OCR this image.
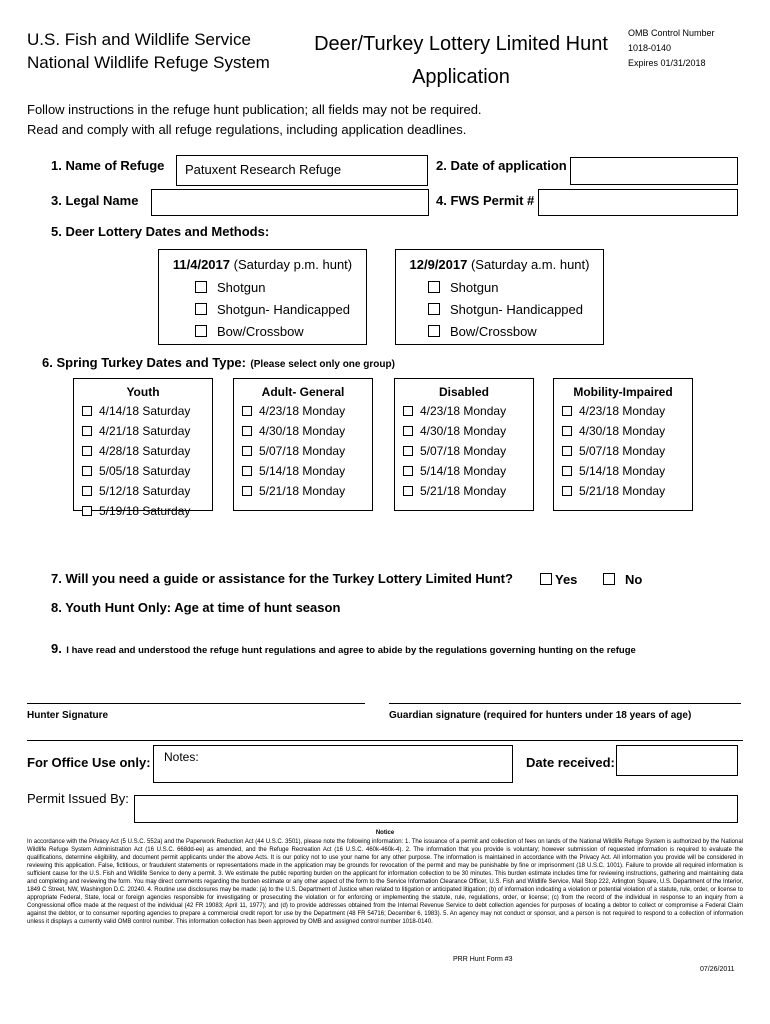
U.S. Fish and Wildlife Service
National Wildlife Refuge System
Deer/Turkey Lottery Limited Hunt
Application
OMB Control Number
1018-0140
Expires 01/31/2018
Follow instructions in the refuge hunt publication; all fields may not be required.
Read and comply with all refuge regulations, including application deadlines.
1. Name of Refuge	Patuxent Research Refuge	2. Date of application
3. Legal Name	4. FWS Permit #
5. Deer Lottery Dates and Methods:
11/4/2017 (Saturday p.m. hunt)
Shotgun
Shotgun- Handicapped
Bow/Crossbow
12/9/2017 (Saturday a.m. hunt)
Shotgun
Shotgun- Handicapped
Bow/Crossbow
6. Spring Turkey Dates and Type: (Please select only one group)
Youth
4/14/18 Saturday
4/21/18 Saturday
4/28/18 Saturday
5/05/18 Saturday
5/12/18 Saturday
5/19/18 Saturday
Adult- General
4/23/18 Monday
4/30/18 Monday
5/07/18 Monday
5/14/18 Monday
5/21/18 Monday
Disabled
4/23/18 Monday
4/30/18 Monday
5/07/18 Monday
5/14/18 Monday
5/21/18 Monday
Mobility-Impaired
4/23/18 Monday
4/30/18 Monday
5/07/18 Monday
5/14/18 Monday
5/21/18 Monday
7. Will you need a guide or assistance for the Turkey Lottery Limited Hunt?	Yes	No
8. Youth Hunt Only: Age at time of hunt season
9. I have read and understood the refuge hunt regulations and agree to abide by the regulations governing hunting on the refuge
Hunter Signature	Guardian signature (required for hunters under 18 years of age)
For Office Use only:	Notes:	Date received:
Permit Issued By:
Notice
In accordance with the Privacy Act (5 U.S.C. 552a) and the Paperwork Reduction Act (44 U.S.C. 3501), please note the following information: 1. The issuance of a permit and collection of fees on lands of the National Wildlife Refuge System is authorized by the National Wildlife Refuge System Administration Act (16 U.S.C. 668dd-ee) as amended, and the Refuge Recreation Act (16 U.S.C. 460k-460k-4). 2. The information that you provide is voluntary; however submission of requested information is required to evaluate the qualifications, determine eligibility, and document permit applicants under the above Acts. It is our policy not to use your name for any other purpose. The information is maintained in accordance with the Privacy Act. All information you provide will be considered in reviewing this application. False, fictitious, or fraudulent statements or representations made in the application may be grounds for revocation of the permit and may be punishable by fine or imprisonment (18 U.S.C. 1001). Failure to provide all required information is sufficient cause for the U.S. Fish and Wildlife Service to deny a permit. 3. We estimate the public reporting burden on the applicant for information collection to be 30 minutes. This burden estimate includes time for reviewing instructions, gathering and maintaining data and completing and reviewing the form. You may direct comments regarding the burden estimate or any other aspect of the form to the Service Information Clearance Officer, U.S. Fish and Wildlife Service, Mail Stop 222, Arlington Square, U.S. Department of the Interior, 1849 C Street, NW, Washington D.C. 20240. 4. Routine use disclosures may be made: (a) to the U.S. Department of Justice when related to litigation or anticipated litigation; (b) of information indicating a violation or potential violation of a statute, rule, order, or license to appropriate Federal, State, local or foreign agencies responsible for investigating or prosecuting the violation or for enforcing or implementing the statute, rule, regulations, order, or license; (c) from the record of the individual in response to an inquiry from a Congressional office made at the request of the individual (42 FR 19083; April 11, 1977); and (d) to provide addresses obtained from the Internal Revenue Service to debt collection agencies for purposes of locating a debtor to collect or compromise a Federal Claim against the debtor, or to consumer reporting agencies to prepare a commercial credit report for use by the Department (48 FR 54716; December 6, 1983). 5. An agency may not conduct or sponsor, and a person is not required to respond to a collection of information unless it displays a currently valid OMB control number. This information collection has been approved by OMB and assigned control number 1018-0140.
PRR Hunt Form #3
07/26/2011
